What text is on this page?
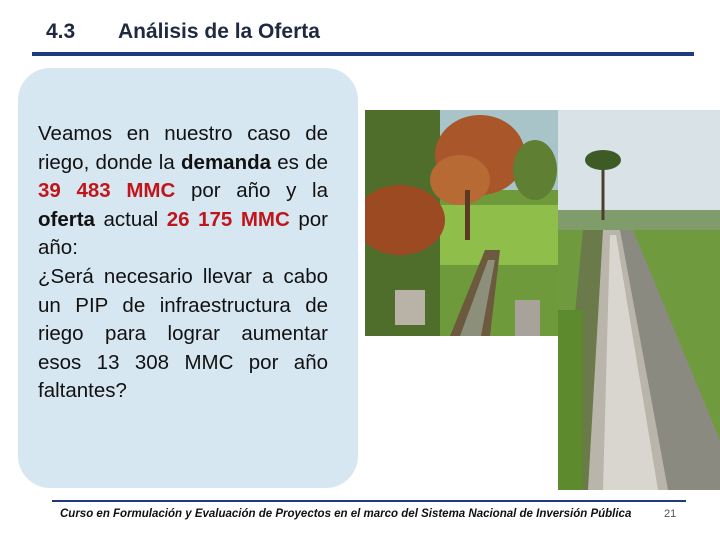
4.3 Análisis de la Oferta
Veamos en nuestro caso de riego, donde la demanda es de 39 483 MMC por año y la oferta actual 26 175 MMC por año:
¿Será necesario llevar a cabo un PIP de infraestructura de riego para lograr aumentar esos 13 308 MMC por año faltantes?
Curso en Formulación y Evaluación de Proyectos en el marco del Sistema Nacional de Inversión Pública	21
